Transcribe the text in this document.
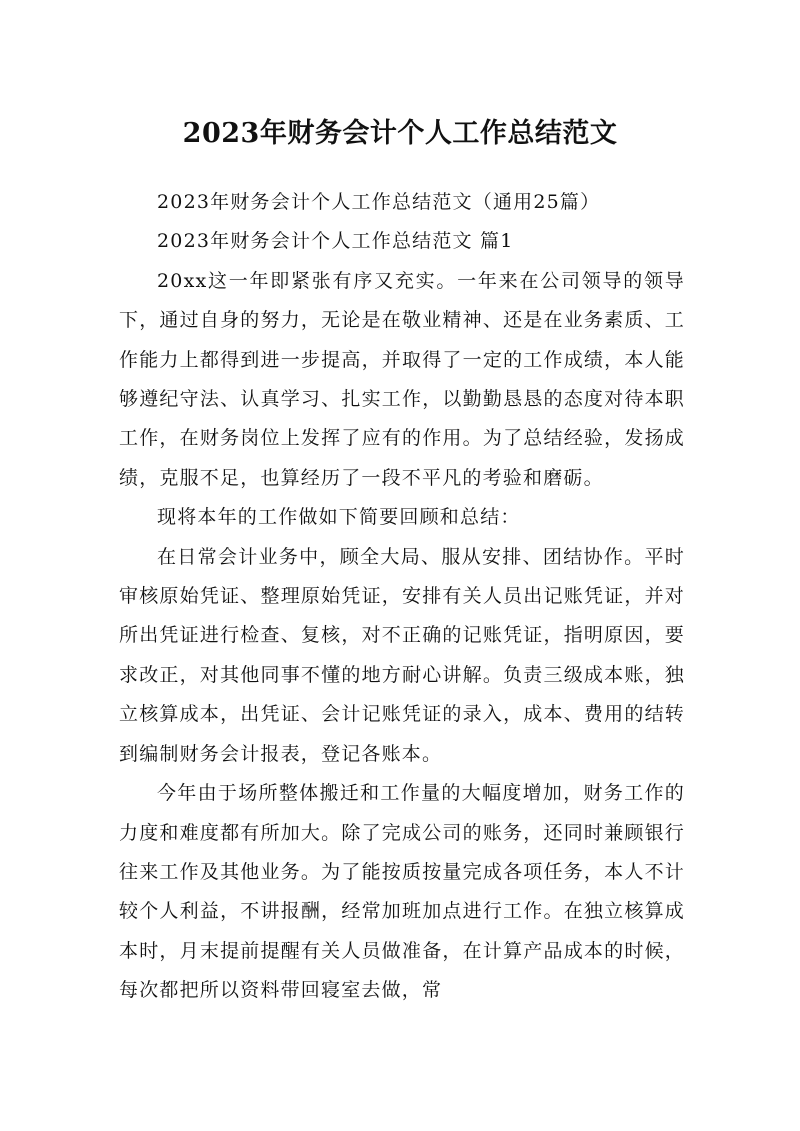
2023年财务会计个人工作总结范文

2023年财务会计个人工作总结范文（通用25篇）

2023年财务会计个人工作总结范文 篇1

20xx这一年即紧张有序又充实。一年来在公司领导的领导下，通过自身的努力，无论是在敬业精神、还是在业务素质、工作能力上都得到进一步提高，并取得了一定的工作成绩，本人能够遵纪守法、认真学习、扎实工作，以勤勤恳恳的态度对待本职工作，在财务岗位上发挥了应有的作用。为了总结经验，发扬成绩，克服不足，也算经历了一段不平凡的考验和磨砺。

现将本年的工作做如下简要回顾和总结：

在日常会计业务中，顾全大局、服从安排、团结协作。平时审核原始凭证、整理原始凭证，安排有关人员出记账凭证，并对所出凭证进行检查、复核，对不正确的记账凭证，指明原因，要求改正，对其他同事不懂的地方耐心讲解。负责三级成本账，独立核算成本，出凭证、会计记账凭证的录入，成本、费用的结转到编制财务会计报表，登记各账本。

今年由于场所整体搬迁和工作量的大幅度增加，财务工作的力度和难度都有所加大。除了完成公司的账务，还同时兼顾银行往来工作及其他业务。为了能按质按量完成各项任务，本人不计较个人利益，不讲报酬，经常加班加点进行工作。在独立核算成本时，月末提前提醒有关人员做准备，在计算产品成本的时候，每次都把所以资料带回寝室去做，常
